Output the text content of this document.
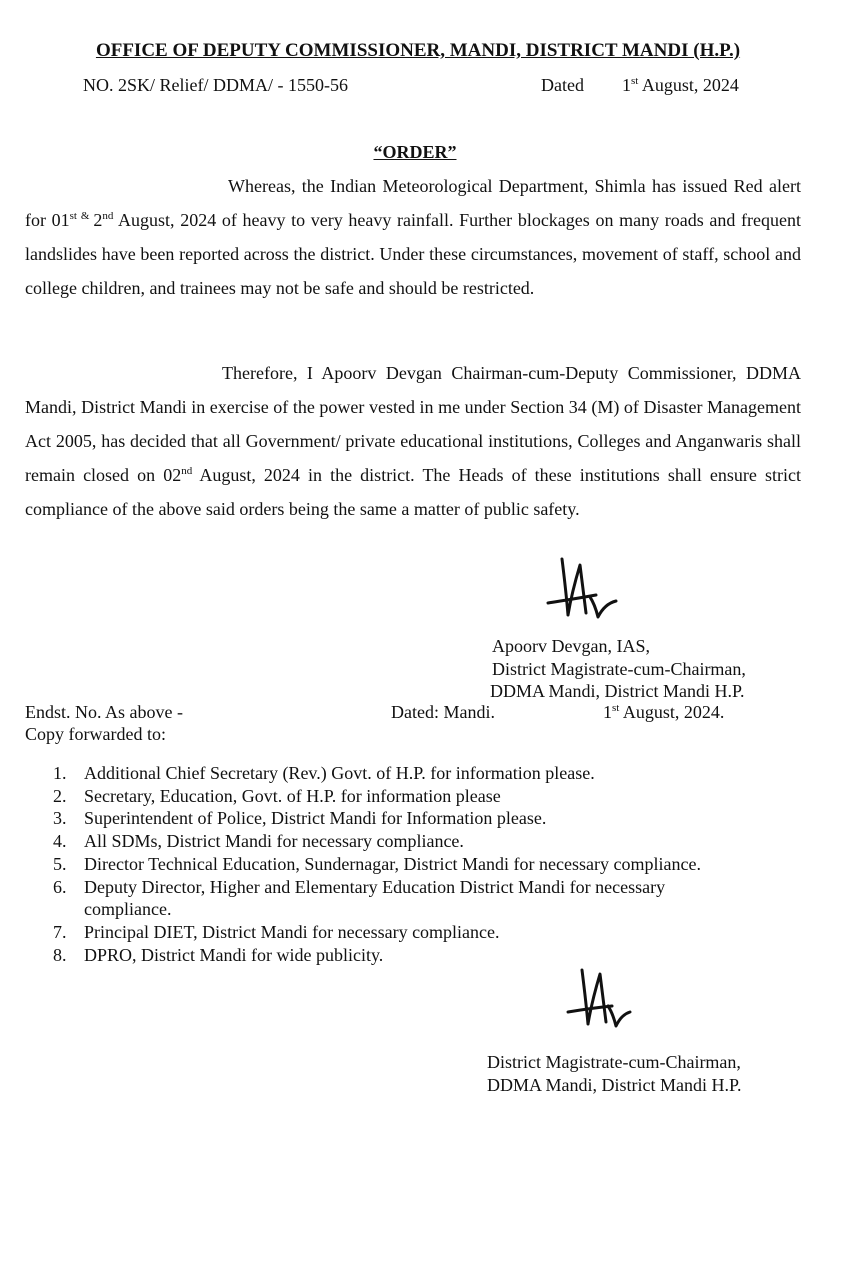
OFFICE OF DEPUTY COMMISSIONER, MANDI, DISTRICT MANDI (H.P.)
NO. 2SK/ Relief/ DDMA/ - 1550-56	Dated 1st August, 2024
“ORDER”
Whereas, the Indian Meteorological Department, Shimla has issued Red alert for 01st & 2nd August, 2024 of heavy to very heavy rainfall. Further blockages on many roads and frequent landslides have been reported across the district. Under these circumstances, movement of staff, school and college children, and trainees may not be safe and should be restricted.
Therefore, I Apoorv Devgan Chairman-cum-Deputy Commissioner, DDMA Mandi, District Mandi in exercise of the power vested in me under Section 34 (M) of Disaster Management Act 2005, has decided that all Government/ private educational institutions, Colleges and Anganwaris shall remain closed on 02nd August, 2024 in the district. The Heads of these institutions shall ensure strict compliance of the above said orders being the same a matter of public safety.
Apoorv Devgan, IAS,
District Magistrate-cum-Chairman,
DDMA Mandi, District Mandi H.P.
Endst. No. As above -	Dated: Mandi.	1st August, 2024.
Copy forwarded to:
1. Additional Chief Secretary (Rev.) Govt. of H.P. for information please.
2. Secretary, Education, Govt. of H.P. for information please
3. Superintendent of Police, District Mandi for Information please.
4. All SDMs, District Mandi for necessary compliance.
5. Director Technical Education, Sundernagar, District Mandi for necessary compliance.
6. Deputy Director, Higher and Elementary Education District Mandi for necessary compliance.
7. Principal DIET, District Mandi for necessary compliance.
8. DPRO, District Mandi for wide publicity.
District Magistrate-cum-Chairman,
DDMA Mandi, District Mandi H.P.
